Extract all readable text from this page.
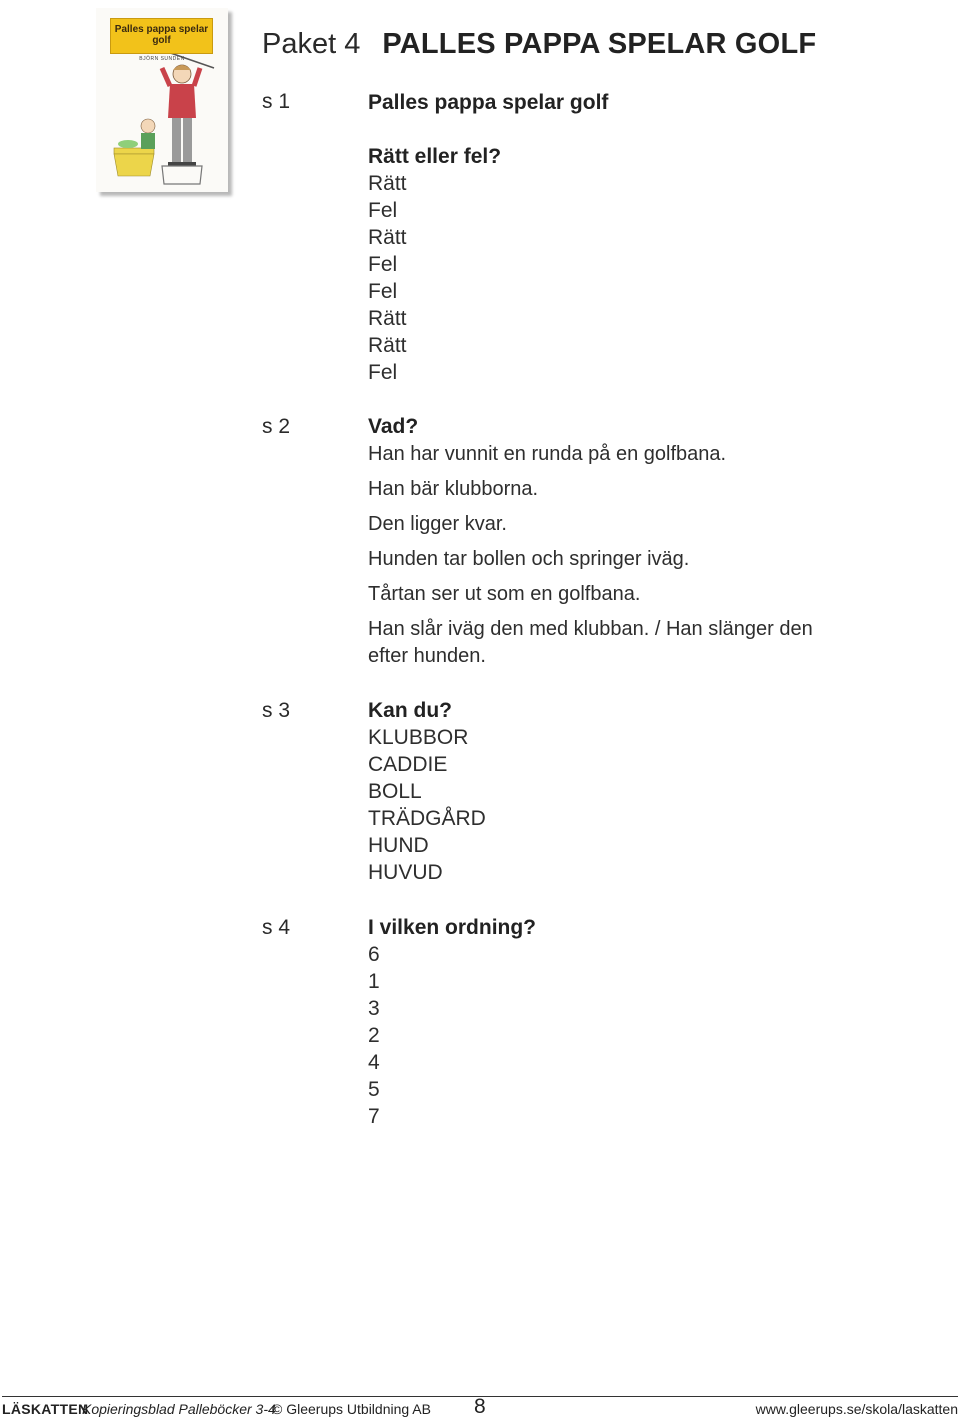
Palles pappa spelar golf
BJÖRN SUNDEN	Paket 4 PALLES PAPPA SPELAR GOLF
s 1	Palles pappa spelar golf
Rätt eller fel?
Rätt
Fel
Rätt
Fel
Fel
Rätt
Rätt
Fel
s 2	Vad?
Han har vunnit en runda på en golfbana.
Han bär klubborna.
Den ligger kvar.
Hunden tar bollen och springer iväg.
Tårtan ser ut som en golfbana.
Han slår iväg den med klubban. / Han slänger den efter hunden.
s 3	Kan du?
KLUBBOR
CADDIE
BOLL
TRÄDGÅRD
HUND
HUVUD
s 4	I vilken ordning?
6
1
3
2
4
5
7
LÄSKATTEN
Kopieringsblad Palleböcker 3-4
© Gleerups Utbildning AB 8	www.gleerups.se/skola/laskatten
